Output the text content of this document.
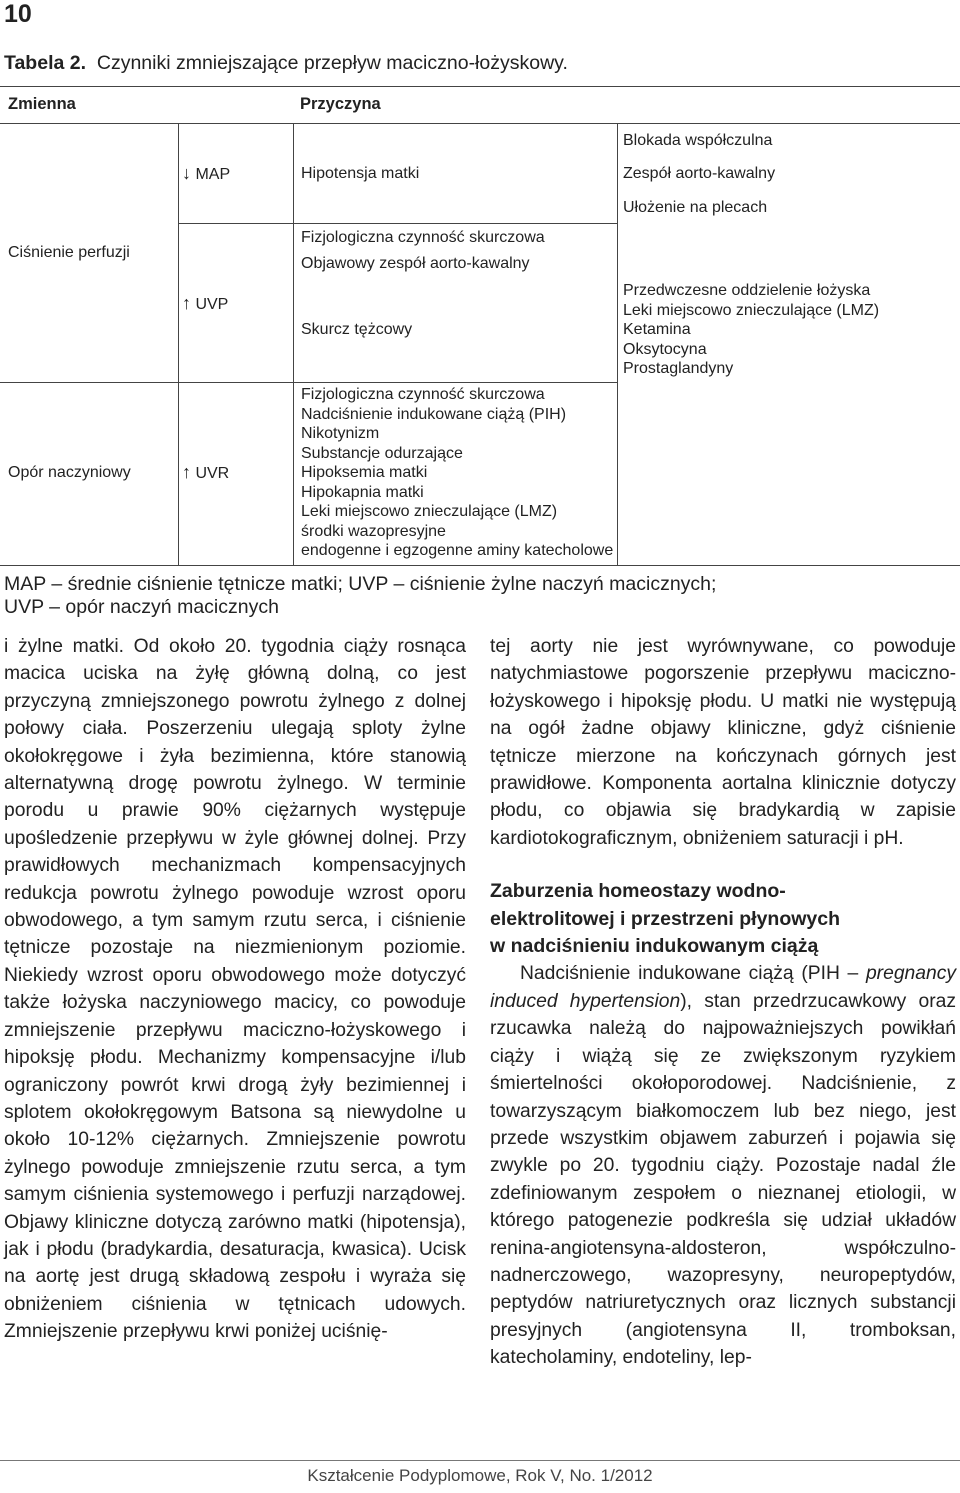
10
Tabela 2. Czynniki zmniejszające przepływ maciczno-łożyskowy.
Zmienna	Przyczyna
Ciśnienie perfuzji
Opór naczyniowy
↓ MAP
↑ UVP
↑ UVR
Hipotensja matki
Blokada współczulna
Zespół aorto-kawalny
Ułożenie na plecach
Fizjologiczna czynność skurczowa
Objawowy zespół aorto-kawalny
Skurcz tężcowy
Przedwczesne oddzielenie łożyska
Leki miejscowo znieczulające (LMZ)
Ketamina
Oksytocyna
Prostaglandyny
Fizjologiczna czynność skurczowa
Nadciśnienie indukowane ciążą (PIH)
Nikotynizm
Substancje odurzające
Hipoksemia matki
Hipokapnia matki
Leki miejscowo znieczulające (LMZ)
środki wazopresyjne
endogenne i egzogenne aminy katecholowe
MAP – średnie ciśnienie tętnicze matki; UVP – ciśnienie żylne naczyń macicznych;
UVP – opór naczyń macicznych

i żylne matki. Od około 20. tygodnia ciąży rosnąca macica uciska na żyłę główną dolną, co jest przyczyną zmniejszonego powrotu żylnego z dolnej połowy ciała. Poszerzeniu ulegają sploty żylne okołokręgowe i żyła bezimienna, które stanowią alternatywną drogę powrotu żylnego. W terminie porodu u prawie 90% ciężarnych występuje upośledzenie przepływu w żyle głównej dolnej. Przy prawidłowych mechanizmach kompensacyjnych redukcja powrotu żylnego powoduje wzrost oporu obwodowego, a tym samym rzutu serca, i ciśnienie tętnicze pozostaje na niezmienionym poziomie. Niekiedy wzrost oporu obwodowego może dotyczyć także łożyska naczyniowego macicy, co powoduje zmniejszenie przepływu maciczno-łożyskowego i hipoksję płodu. Mechanizmy kompensacyjne i/lub ograniczony powrót krwi drogą żyły bezimiennej i splotem okołokręgowym Batsona są niewydolne u około 10-12% ciężarnych. Zmniejszenie powrotu żylnego powoduje zmniejszenie rzutu serca, a tym samym ciśnienia systemowego i perfuzji narządowej. Objawy kliniczne dotyczą zarówno matki (hipotensja), jak i płodu (bradykardia, desaturacja, kwasica). Ucisk na aortę jest drugą składową zespołu i wyraża się obniżeniem ciśnienia w tętnicach udowych. Zmniejszenie przepływu krwi poniżej uciśnię-

tej aorty nie jest wyrównywane, co powoduje natychmiastowe pogorszenie przepływu maciczno-łożyskowego i hipoksję płodu. U matki nie występują na ogół żadne objawy kliniczne, gdyż ciśnienie tętnicze mierzone na kończynach górnych jest prawidłowe. Komponenta aortalna klinicznie dotyczy płodu, co objawia się bradykardią w zapisie kardiotokograficznym, obniżeniem saturacji i pH.

Zaburzenia homeostazy wodno-
elektrolitowej i przestrzeni płynowych
w nadciśnieniu indukowanym ciążą

Nadciśnienie indukowane ciążą (PIH – pregnancy induced hypertension), stan przedrzucawkowy oraz rzucawka należą do najpoważniejszych powikłań ciąży i wiążą się ze zwiększonym ryzykiem śmiertelności okołoporodowej. Nadciśnienie, z towarzyszącym białkomoczem lub bez niego, jest przede wszystkim objawem zaburzeń i pojawia się zwykle po 20. tygodniu ciąży. Pozostaje nadal źle zdefiniowanym zespołem o nieznanej etiologii, w którego patogenezie podkreśla się udział układów renina-angiotensyna-aldosteron, współczulno-nadnerczowego, wazopresyny, neuropeptydów, peptydów natriuretycznych oraz licznych substancji presyjnych (angiotensyna II, tromboksan, katecholaminy, endoteliny, lep-

Kształcenie Podyplomowe, Rok V, No. 1/2012
